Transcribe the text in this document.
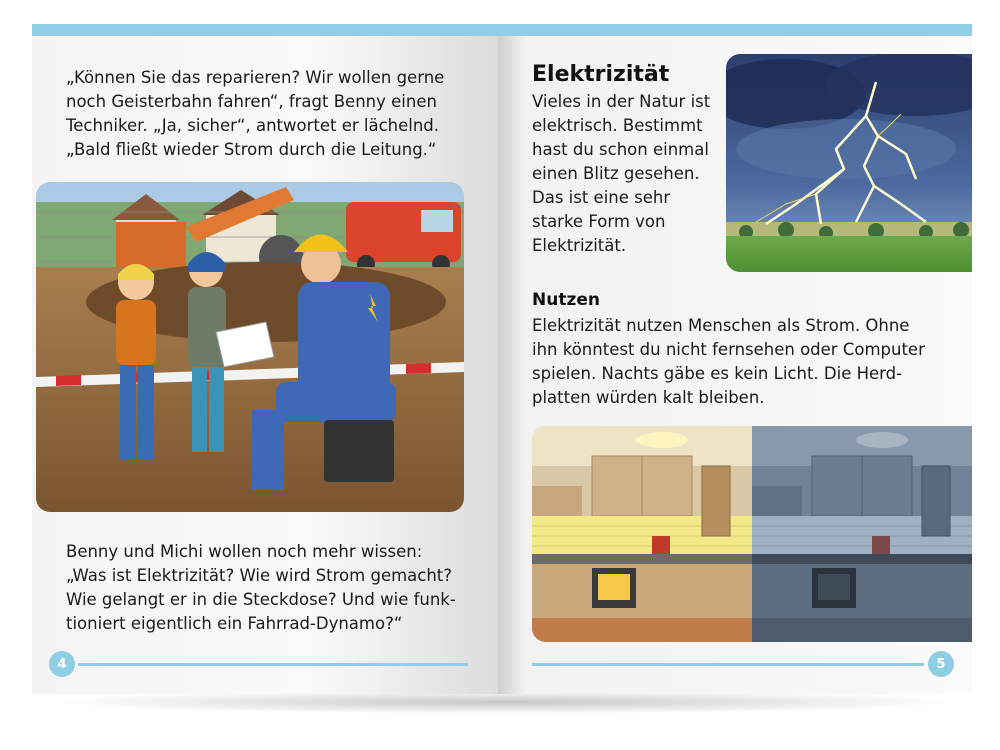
„Können Sie das reparieren? Wir wollen gerne
noch Geisterbahn fahren“, fragt Benny einen
Techniker. „Ja, sicher“, antwortet er lächelnd.
„Bald fließt wieder Strom durch die Leitung.“
Benny und Michi wollen noch mehr wissen:
„Was ist Elektrizität? Wie wird Strom gemacht?
Wie gelangt er in die Steckdose? Und wie funk-
tioniert eigentlich ein Fahrrad-Dynamo?“
4
Elektrizität
Vieles in der Natur ist
elektrisch. Bestimmt
hast du schon einmal
einen Blitz gesehen.
Das ist eine sehr
starke Form von
Elektrizität.
Nutzen
Elektrizität nutzen Menschen als Strom. Ohne
ihn könntest du nicht fernsehen oder Computer
spielen. Nachts gäbe es kein Licht. Die Herd-
platten würden kalt bleiben.
5
